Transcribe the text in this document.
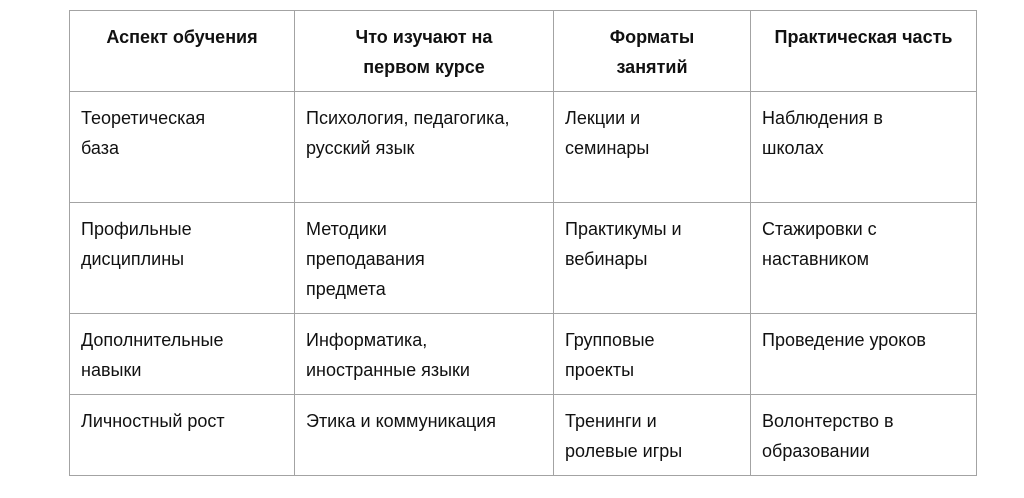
Аспект обучения	Что изучают на первом курсе	Форматы занятий	Практическая часть
Теоретическая база	Психология, педагогика, русский язык	Лекции и семинары	Наблюдения в школах
Профильные дисциплины	Методики преподавания предмета	Практикумы и вебинары	Стажировки с наставником
Дополнительные навыки	Информатика, иностранные языки	Групповые проекты	Проведение уроков
Личностный рост	Этика и коммуникация	Тренинги и ролевые игры	Волонтерство в образовании
